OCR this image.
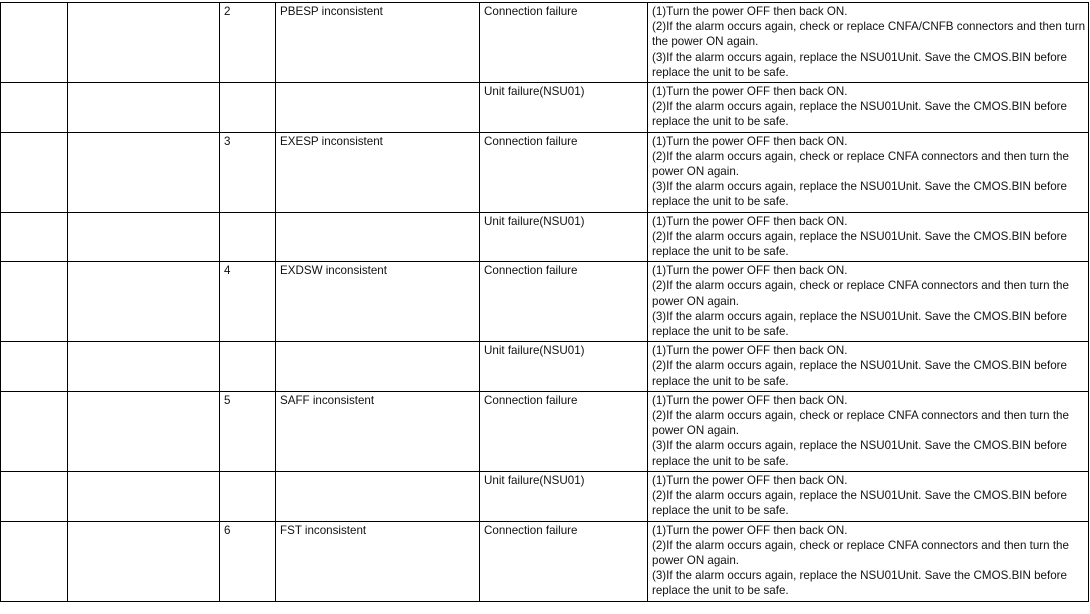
		2	PBESP inconsistent	Connection failure	(1)Turn the power OFF then back ON.
(2)If the alarm occurs again, check or replace CNFA/CNFB connectors and then turn the power ON again.
(3)If the alarm occurs again, replace the NSU01Unit. Save the CMOS.BIN before replace the unit to be safe.

				Unit failure(NSU01)	(1)Turn the power OFF then back ON.
(2)If the alarm occurs again, replace the NSU01Unit. Save the CMOS.BIN before replace the unit to be safe.

		3	EXESP inconsistent	Connection failure	(1)Turn the power OFF then back ON.
(2)If the alarm occurs again, check or replace CNFA connectors and then turn the power ON again.
(3)If the alarm occurs again, replace the NSU01Unit. Save the CMOS.BIN before replace the unit to be safe.

				Unit failure(NSU01)	(1)Turn the power OFF then back ON.
(2)If the alarm occurs again, replace the NSU01Unit. Save the CMOS.BIN before replace the unit to be safe.

		4	EXDSW inconsistent	Connection failure	(1)Turn the power OFF then back ON.
(2)If the alarm occurs again, check or replace CNFA connectors and then turn the power ON again.
(3)If the alarm occurs again, replace the NSU01Unit. Save the CMOS.BIN before replace the unit to be safe.

				Unit failure(NSU01)	(1)Turn the power OFF then back ON.
(2)If the alarm occurs again, replace the NSU01Unit. Save the CMOS.BIN before replace the unit to be safe.

		5	SAFF inconsistent	Connection failure	(1)Turn the power OFF then back ON.
(2)If the alarm occurs again, check or replace CNFA connectors and then turn the power ON again.
(3)If the alarm occurs again, replace the NSU01Unit. Save the CMOS.BIN before replace the unit to be safe.

				Unit failure(NSU01)	(1)Turn the power OFF then back ON.
(2)If the alarm occurs again, replace the NSU01Unit. Save the CMOS.BIN before replace the unit to be safe.

		6	FST inconsistent	Connection failure	(1)Turn the power OFF then back ON.
(2)If the alarm occurs again, check or replace CNFA connectors and then turn the power ON again.
(3)If the alarm occurs again, replace the NSU01Unit. Save the CMOS.BIN before replace the unit to be safe.
